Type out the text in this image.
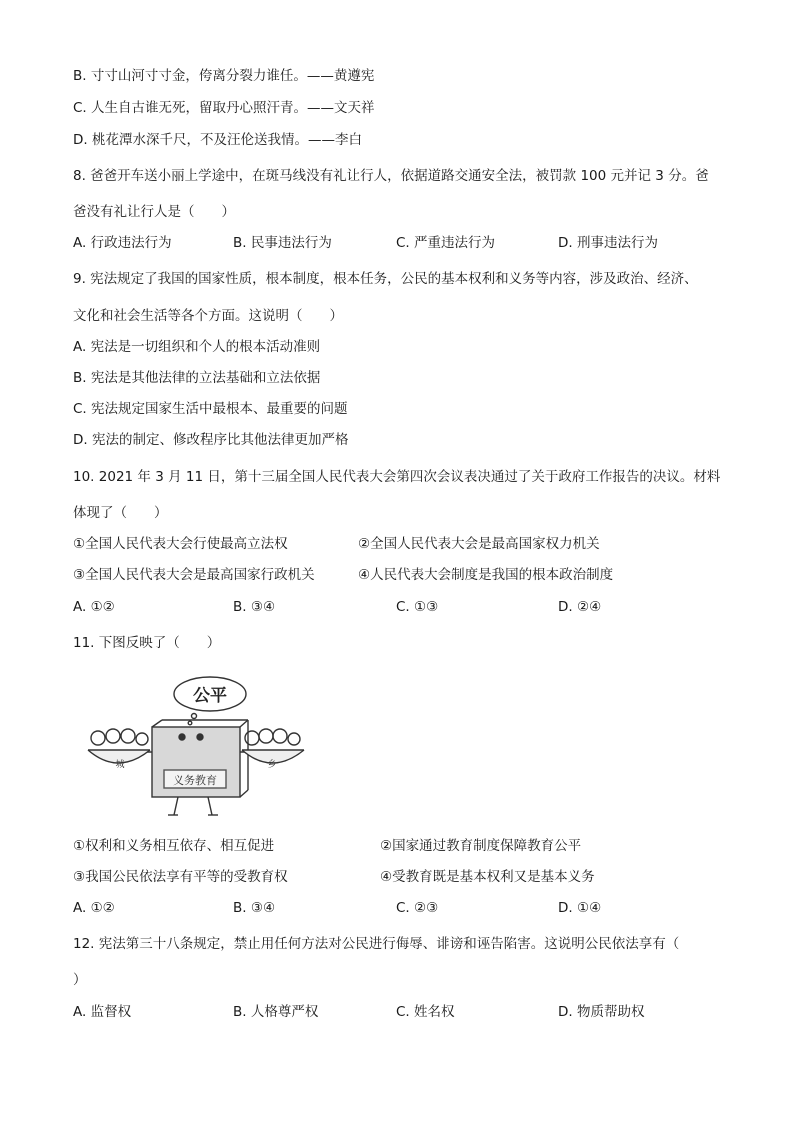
B. 寸寸山河寸寸金，侉离分裂力谁任。——黄遵宪
C. 人生自古谁无死，留取丹心照汗青。——文天祥
D. 桃花潭水深千尺，不及汪伦送我情。——李白
8. 爸爸开车送小丽上学途中，在斑马线没有礼让行人，依据道路交通安全法，被罚款 100 元并记 3 分。爸
爸没有礼让行人是（　　）
A. 行政违法行为	B. 民事违法行为	C. 严重违法行为	D. 刑事违法行为
9. 宪法规定了我国的国家性质，根本制度，根本任务，公民的基本权利和义务等内容，涉及政治、经济、
文化和社会生活等各个方面。这说明（　　）
A. 宪法是一切组织和个人的根本活动准则
B. 宪法是其他法律的立法基础和立法依据
C. 宪法规定国家生活中最根本、最重要的问题
D. 宪法的制定、修改程序比其他法律更加严格
10. 2021 年 3 月 11 日，第十三届全国人民代表大会第四次会议表决通过了关于政府工作报告的决议。材料
体现了（　　）
①全国人民代表大会行使最高立法权	②全国人民代表大会是最高国家权力机关
③全国人民代表大会是最高国家行政机关	④人民代表大会制度是我国的根本政治制度
A. ①②	B. ③④	C. ①③	D. ②④
11. 下图反映了（　　）
公平
义务教育
城	乡
①权利和义务相互依存、相互促进	②国家通过教育制度保障教育公平
③我国公民依法享有平等的受教育权	④受教育既是基本权利又是基本义务
A. ①②	B. ③④	C. ②③	D. ①④
12. 宪法第三十八条规定，禁止用任何方法对公民进行侮辱、诽谤和诬告陷害。这说明公民依法享有（
）
A. 监督权	B. 人格尊严权	C. 姓名权	D. 物质帮助权
